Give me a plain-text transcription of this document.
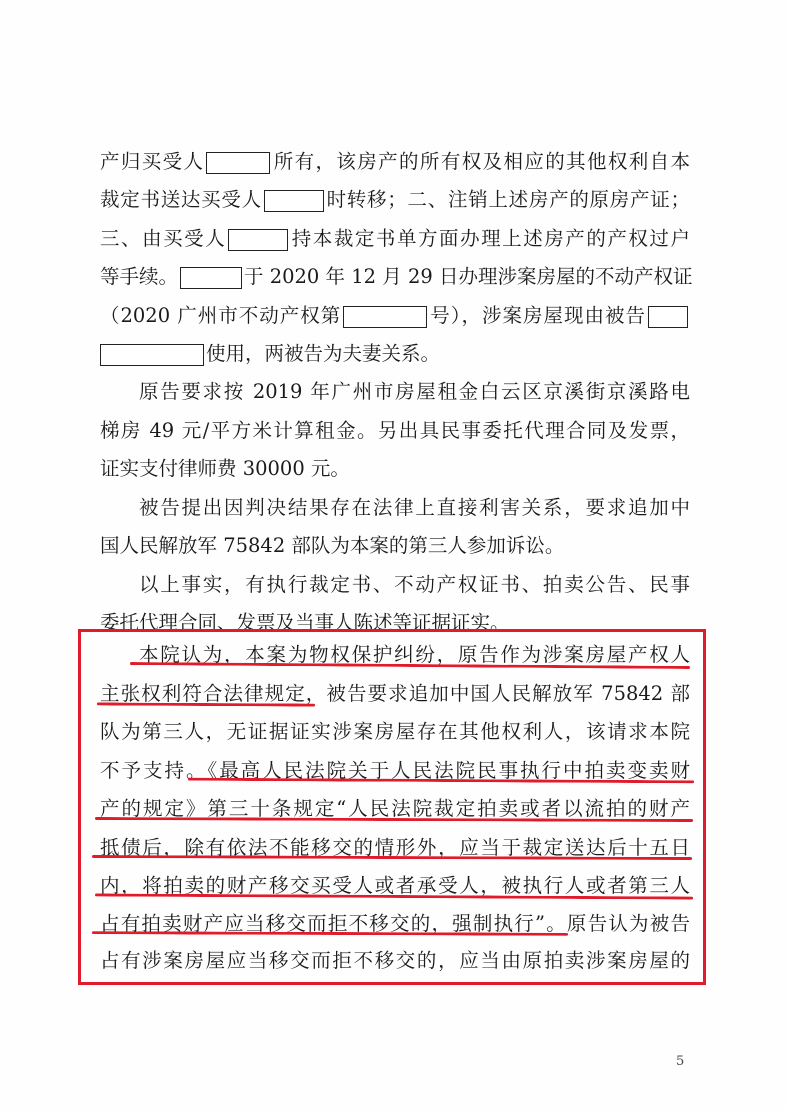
产归买受人	所有，该房产的所有权及相应的其他权利自本
裁定书送达买受人	时转移；二、注销上述房产的原房产证；
三、由买受人	持本裁定书单方面办理上述房产的产权过户
等手续。	于 2020 年 12 月 29 日办理涉案房屋的不动产权证
（2020 广州市不动产权第	号），涉案房屋现由被告
使用，两被告为夫妻关系。
原告要求按 2019 年广州市房屋租金白云区京溪街京溪路电
梯房 49 元/平方米计算租金。另出具民事委托代理合同及发票，
证实支付律师费 30000 元。
被告提出因判决结果存在法律上直接利害关系，要求追加中
国人民解放军 75842 部队为本案的第三人参加诉讼。
以上事实，有执行裁定书、不动产权证书、拍卖公告、民事
委托代理合同、发票及当事人陈述等证据证实。
本院认为，本案为物权保护纠纷，原告作为涉案房屋产权人
主张权利符合法律规定，被告要求追加中国人民解放军 75842 部
队为第三人，无证据证实涉案房屋存在其他权利人，该请求本院
不予支持。《最高人民法院关于人民法院民事执行中拍卖变卖财
产的规定》第三十条规定“人民法院裁定拍卖或者以流拍的财产
抵债后，除有依法不能移交的情形外，应当于裁定送达后十五日
内，将拍卖的财产移交买受人或者承受人，被执行人或者第三人
占有拍卖财产应当移交而拒不移交的，强制执行”。原告认为被告
占有涉案房屋应当移交而拒不移交的，应当由原拍卖涉案房屋的
5
